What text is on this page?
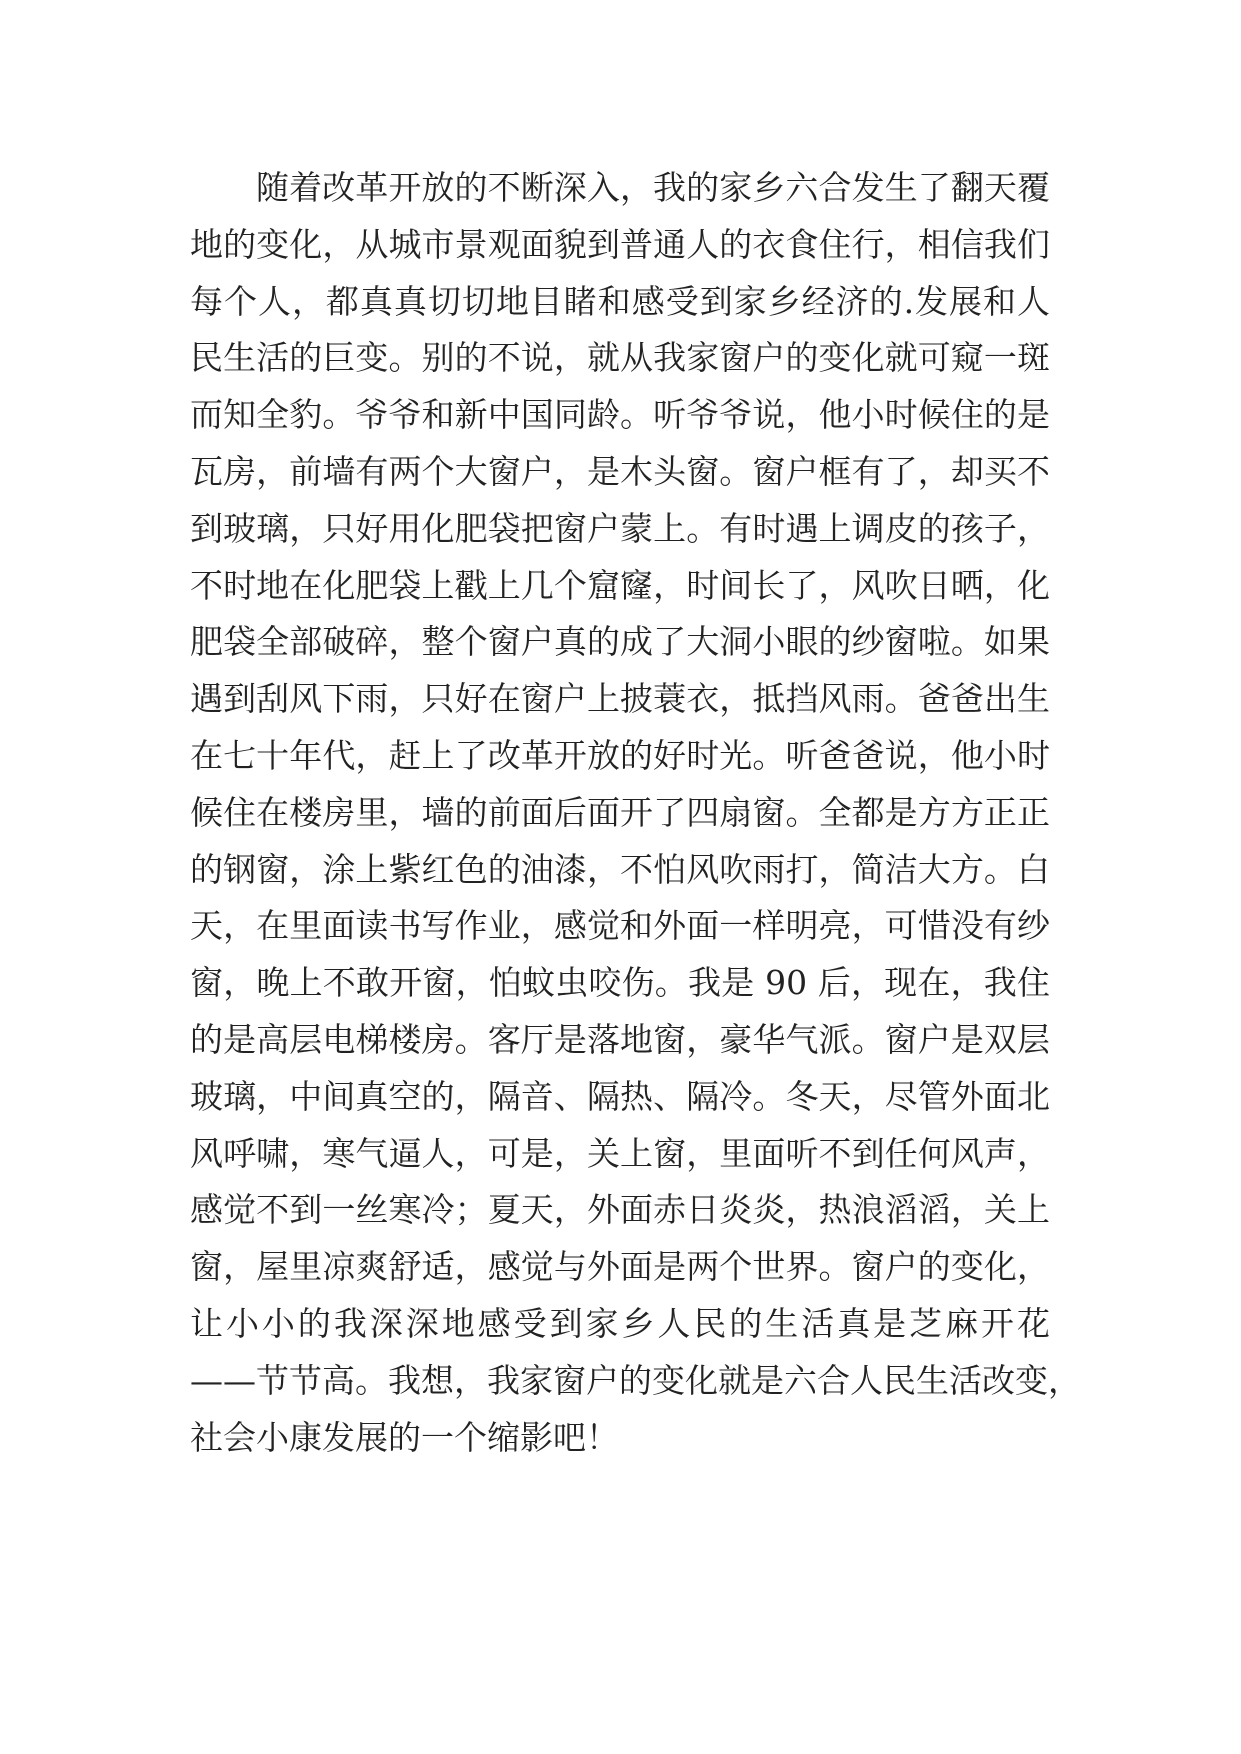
随着改革开放的不断深入，我的家乡六合发生了翻天覆
地的变化，从城市景观面貌到普通人的衣食住行，相信我们
每个人，都真真切切地目睹和感受到家乡经济的.发展和人
民生活的巨变。别的不说，就从我家窗户的变化就可窥一斑
而知全豹。爷爷和新中国同龄。听爷爷说，他小时候住的是
瓦房，前墙有两个大窗户，是木头窗。窗户框有了，却买不
到玻璃，只好用化肥袋把窗户蒙上。有时遇上调皮的孩子，
不时地在化肥袋上戳上几个窟窿，时间长了，风吹日晒，化
肥袋全部破碎，整个窗户真的成了大洞小眼的纱窗啦。如果
遇到刮风下雨，只好在窗户上披蓑衣，抵挡风雨。爸爸出生
在七十年代，赶上了改革开放的好时光。听爸爸说，他小时
候住在楼房里，墙的前面后面开了四扇窗。全都是方方正正
的钢窗，涂上紫红色的油漆，不怕风吹雨打，简洁大方。白
天，在里面读书写作业，感觉和外面一样明亮，可惜没有纱
窗，晚上不敢开窗，怕蚊虫咬伤。我是 90 后，现在，我住
的是高层电梯楼房。客厅是落地窗，豪华气派。窗户是双层
玻璃，中间真空的，隔音、隔热、隔冷。冬天，尽管外面北
风呼啸，寒气逼人，可是，关上窗，里面听不到任何风声，
感觉不到一丝寒冷；夏天，外面赤日炎炎，热浪滔滔，关上
窗，屋里凉爽舒适，感觉与外面是两个世界。窗户的变化，
让小小的我深深地感受到家乡人民的生活真是芝麻开花
——节节高。我想，我家窗户的变化就是六合人民生活改变，
社会小康发展的一个缩影吧！
